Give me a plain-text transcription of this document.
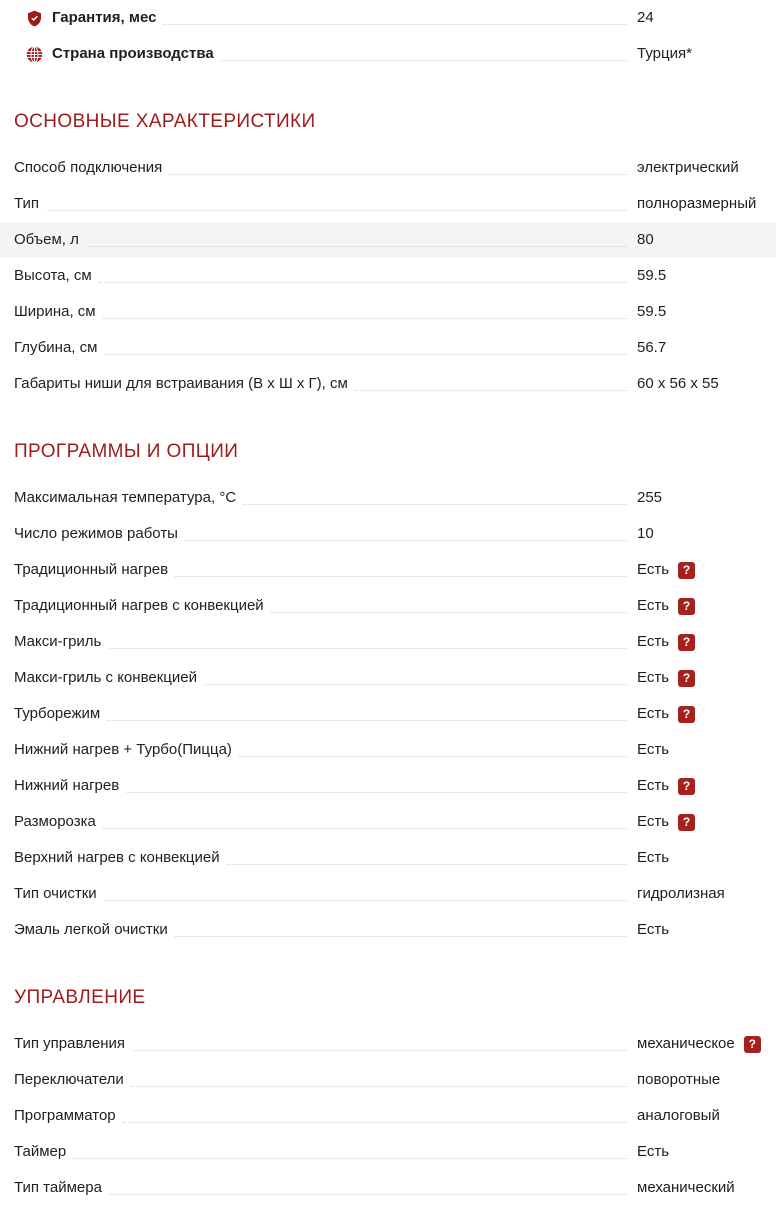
Гарантия, мес	24
Страна производства	Турция*
ОСНОВНЫЕ ХАРАКТЕРИСТИКИ
Способ подключения	электрический
Тип	полноразмерный
Объем, л	80
Высота, см	59.5
Ширина, см	59.5
Глубина, см	56.7
Габариты ниши для встраивания (В х Ш х Г), см	60 х 56 х 55
ПРОГРАММЫ И ОПЦИИ
Максимальная температура, °С	255
Число режимов работы	10
Традиционный нагрев	Есть	?
Традиционный нагрев с конвекцией	Есть	?
Макси-гриль	Есть	?
Макси-гриль с конвекцией	Есть	?
Турборежим	Есть	?
Нижний нагрев + Турбо(Пицца)	Есть
Нижний нагрев	Есть	?
Разморозка	Есть	?
Верхний нагрев с конвекцией	Есть
Тип очистки	гидролизная
Эмаль легкой очистки	Есть
УПРАВЛЕНИЕ
Тип управления	механическое	?
Переключатели	поворотные
Программатор	аналоговый
Таймер	Есть
Тип таймера	механический
